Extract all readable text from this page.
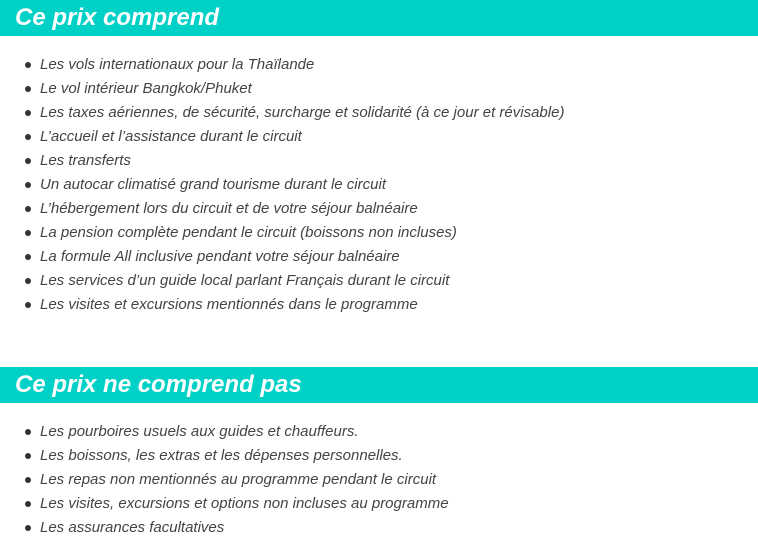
Ce prix comprend
Les vols internationaux pour la Thaïlande
Le vol intérieur Bangkok/Phuket
Les taxes aériennes, de sécurité, surcharge et solidarité (à ce jour et révisable)
L’accueil et l’assistance durant le circuit
Les transferts
Un autocar climatisé grand tourisme durant le circuit
L’hébergement lors du circuit et de votre séjour balnéaire
La pension complète pendant le circuit (boissons non incluses)
La formule All inclusive pendant votre séjour balnéaire
Les services d’un guide local parlant Français durant le circuit
Les visites et excursions mentionnés dans le programme
Ce prix ne comprend pas
Les pourboires usuels aux guides et chauffeurs.
Les boissons, les extras et les dépenses personnelles.
Les repas non mentionnés au programme pendant le circuit
Les visites, excursions et options non incluses au programme
Les assurances facultatives
